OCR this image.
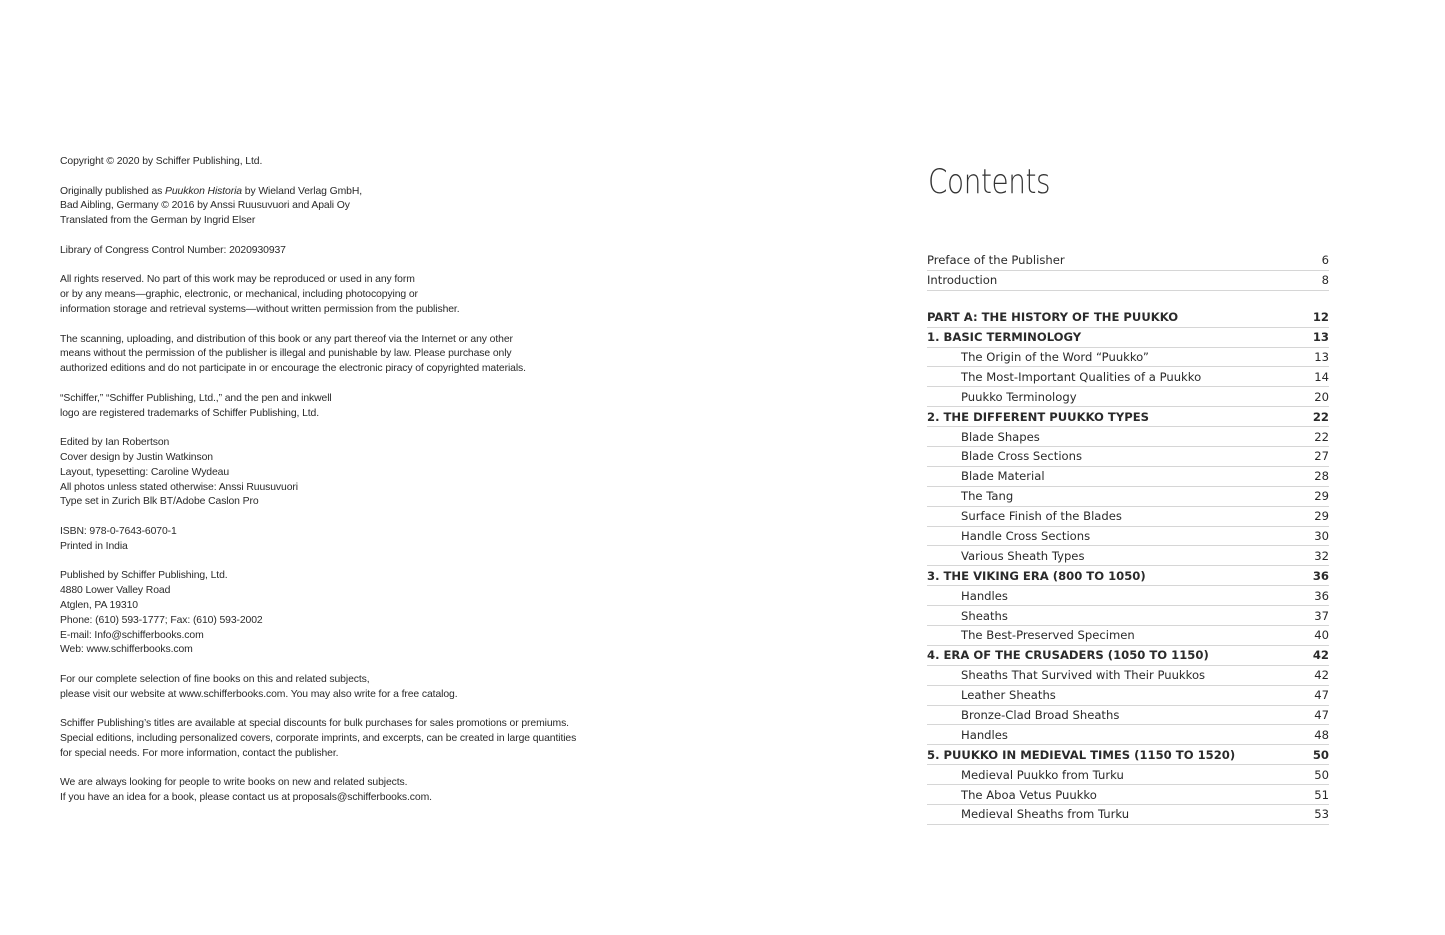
Copyright © 2020 by Schiffer Publishing, Ltd.
Originally published as Puukkon Historia by Wieland Verlag GmbH,
Bad Aibling, Germany © 2016 by Anssi Ruusuvuori and Apali Oy
Translated from the German by Ingrid Elser
Library of Congress Control Number: 2020930937
All rights reserved. No part of this work may be reproduced or used in any form
or by any means—graphic, electronic, or mechanical, including photocopying or
information storage and retrieval systems—without written permission from the publisher.
The scanning, uploading, and distribution of this book or any part thereof via the Internet or any other
means without the permission of the publisher is illegal and punishable by law. Please purchase only
authorized editions and do not participate in or encourage the electronic piracy of copyrighted materials.
“Schiffer,” “Schiffer Publishing, Ltd.,” and the pen and inkwell
logo are registered trademarks of Schiffer Publishing, Ltd.
Edited by Ian Robertson
Cover design by Justin Watkinson
Layout, typesetting: Caroline Wydeau
All photos unless stated otherwise: Anssi Ruusuvuori
Type set in Zurich Blk BT/Adobe Caslon Pro
ISBN: 978-0-7643-6070-1
Printed in India
Published by Schiffer Publishing, Ltd.
4880 Lower Valley Road
Atglen, PA 19310
Phone: (610) 593-1777; Fax: (610) 593-2002
E-mail: Info@schifferbooks.com
Web: www.schifferbooks.com
For our complete selection of fine books on this and related subjects,
please visit our website at www.schifferbooks.com. You may also write for a free catalog.
Schiffer Publishing’s titles are available at special discounts for bulk purchases for sales promotions or premiums.
Special editions, including personalized covers, corporate imprints, and excerpts, can be created in large quantities
for special needs. For more information, contact the publisher.
We are always looking for people to write books on new and related subjects.
If you have an idea for a book, please contact us at proposals@schifferbooks.com.
Contents
Preface of the Publisher	6
Introduction	8
PART A: THE HISTORY OF THE PUUKKO	12
1. BASIC TERMINOLOGY	13
The Origin of the Word “Puukko”	13
The Most-Important Qualities of a Puukko	14
Puukko Terminology	20
2. THE DIFFERENT PUUKKO TYPES	22
Blade Shapes	22
Blade Cross Sections	27
Blade Material	28
The Tang	29
Surface Finish of the Blades	29
Handle Cross Sections	30
Various Sheath Types	32
3. THE VIKING ERA (800 TO 1050)	36
Handles	36
Sheaths	37
The Best-Preserved Specimen	40
4. ERA OF THE CRUSADERS (1050 TO 1150)	42
Sheaths That Survived with Their Puukkos	42
Leather Sheaths	47
Bronze-Clad Broad Sheaths	47
Handles	48
5. PUUKKO IN MEDIEVAL TIMES (1150 TO 1520)	50
Medieval Puukko from Turku	50
The Aboa Vetus Puukko	51
Medieval Sheaths from Turku	53
